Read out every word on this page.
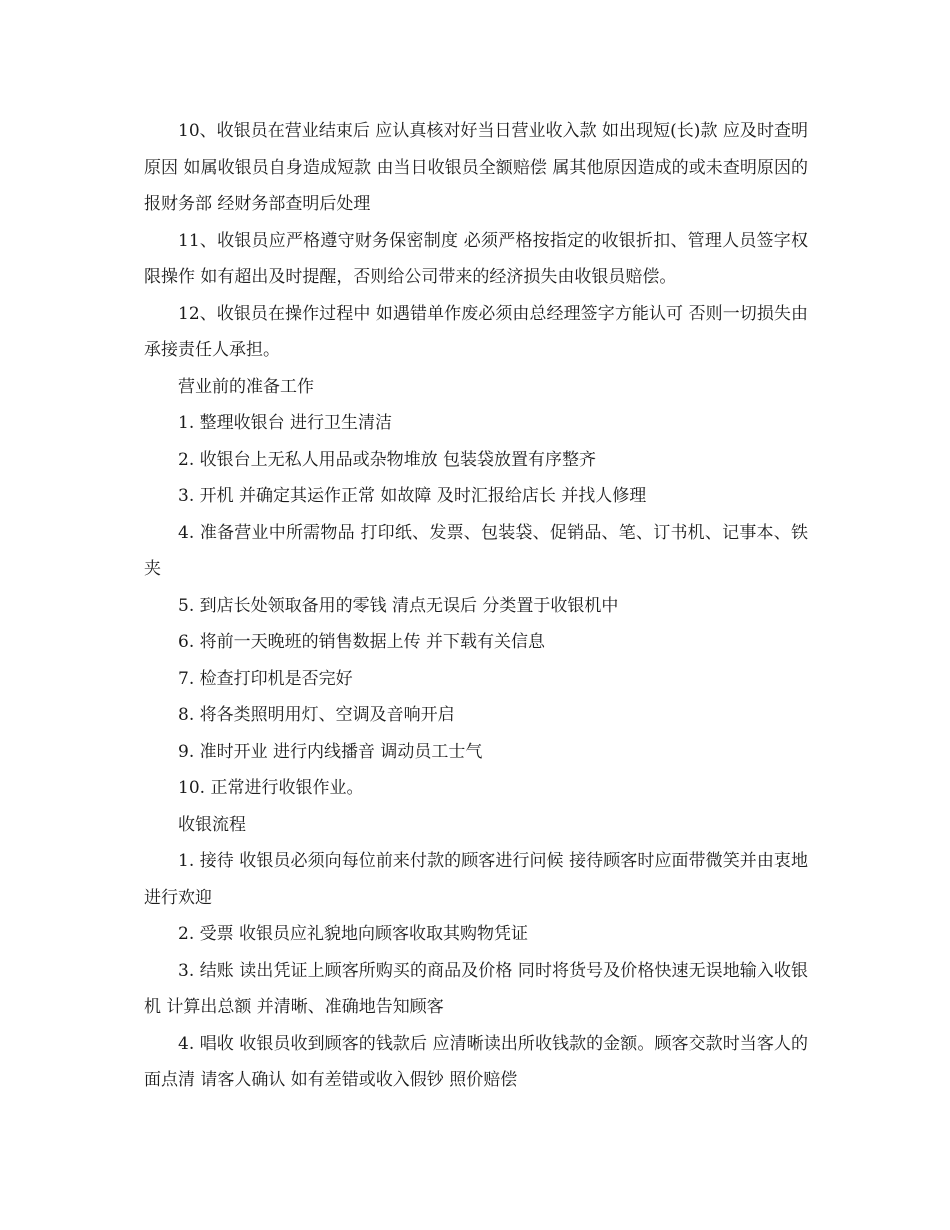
10、收银员在营业结束后 应认真核对好当日营业收入款 如出现短(长)款 应及时查明原因 如属收银员自身造成短款 由当日收银员全额赔偿 属其他原因造成的或未查明原因的 报财务部 经财务部查明后处理

11、收银员应严格遵守财务保密制度 必须严格按指定的收银折扣、管理人员签字权限操作 如有超出及时提醒，否则给公司带来的经济损失由收银员赔偿。

12、收银员在操作过程中 如遇错单作废必须由总经理签字方能认可 否则一切损失由承接责任人承担。

营业前的准备工作

1. 整理收银台 进行卫生清洁

2. 收银台上无私人用品或杂物堆放 包装袋放置有序整齐

3. 开机 并确定其运作正常 如故障 及时汇报给店长 并找人修理

4. 准备营业中所需物品 打印纸、发票、包装袋、促销品、笔、订书机、记事本、铁夹

5. 到店长处领取备用的零钱 清点无误后 分类置于收银机中

6. 将前一天晚班的销售数据上传 并下载有关信息

7. 检查打印机是否完好

8. 将各类照明用灯、空调及音响开启

9. 准时开业 进行内线播音 调动员工士气

10. 正常进行收银作业。

收银流程

1. 接待 收银员必须向每位前来付款的顾客进行问候 接待顾客时应面带微笑并由衷地进行欢迎

2. 受票 收银员应礼貌地向顾客收取其购物凭证

3. 结账 读出凭证上顾客所购买的商品及价格 同时将货号及价格快速无误地输入收银机 计算出总额 并清晰、准确地告知顾客

4. 唱收 收银员收到顾客的钱款后 应清晰读出所收钱款的金额。顾客交款时当客人的面点清 请客人确认 如有差错或收入假钞 照价赔偿
